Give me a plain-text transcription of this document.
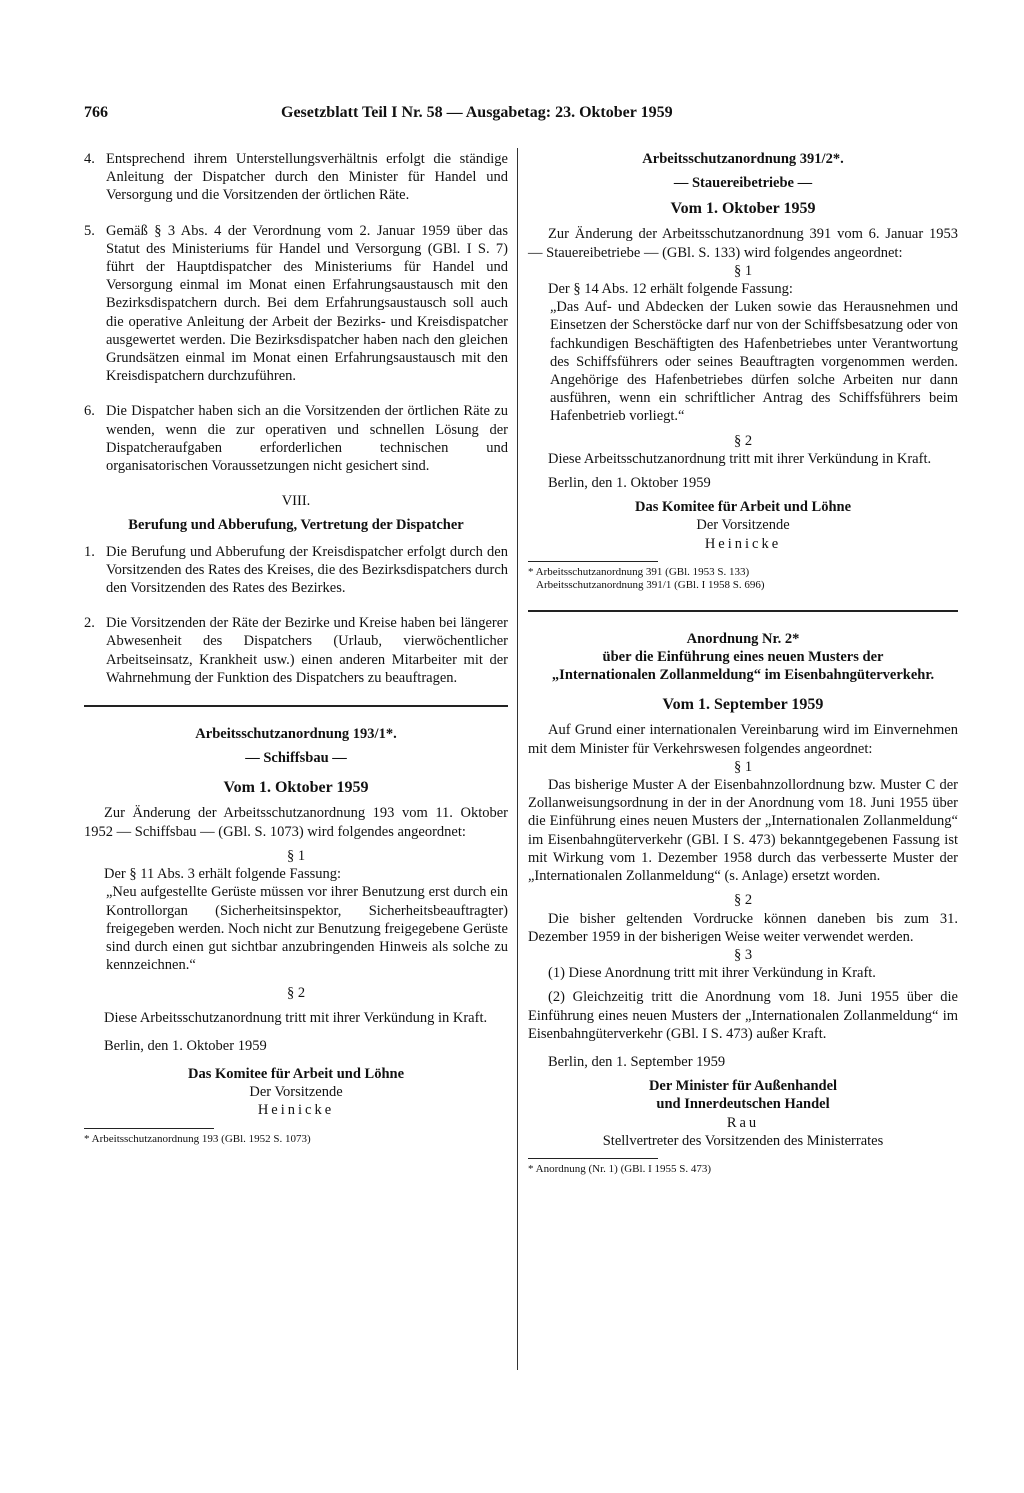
766	Gesetzblatt Teil I Nr. 58 — Ausgabetag: 23. Oktober 1959
4. Entsprechend ihrem Unterstellungsverhältnis erfolgt die ständige Anleitung der Dispatcher durch den Minister für Handel und Versorgung und die Vorsitzenden der örtlichen Räte.
5. Gemäß § 3 Abs. 4 der Verordnung vom 2. Januar 1959 über das Statut des Ministeriums für Handel und Versorgung (GBl. I S. 7) führt der Hauptdispatcher des Ministeriums für Handel und Versorgung einmal im Monat einen Erfahrungsaustausch mit den Bezirksdispatchern durch. Bei dem Erfahrungsaustausch soll auch die operative Anleitung der Arbeit der Bezirks- und Kreisdispatcher ausgewertet werden. Die Bezirksdispatcher haben nach den gleichen Grundsätzen einmal im Monat einen Erfahrungsaustausch mit den Kreisdispatchern durchzuführen.
6. Die Dispatcher haben sich an die Vorsitzenden der örtlichen Räte zu wenden, wenn die zur operativen und schnellen Lösung der Dispatcheraufgaben erforderlichen technischen und organisatorischen Voraussetzungen nicht gesichert sind.

VIII.

Berufung und Abberufung, Vertretung der Dispatcher

1. Die Berufung und Abberufung der Kreisdispatcher erfolgt durch den Vorsitzenden des Rates des Kreises, die des Bezirksdispatchers durch den Vorsitzenden des Rates des Bezirkes.
2. Die Vorsitzenden der Räte der Bezirke und Kreise haben bei längerer Abwesenheit des Dispatchers (Urlaub, vierwöchentlicher Arbeitseinsatz, Krankheit usw.) einen anderen Mitarbeiter mit der Wahrnehmung der Funktion des Dispatchers zu beauftragen.

Arbeitsschutzanordnung 193/1*.

— Schiffsbau —

Vom 1. Oktober 1959

Zur Änderung der Arbeitsschutzanordnung 193 vom 11. Oktober 1952 — Schiffsbau — (GBl. S. 1073) wird folgendes angeordnet:

§ 1

Der § 11 Abs. 3 erhält folgende Fassung:

„Neu aufgestellte Gerüste müssen vor ihrer Benutzung erst durch ein Kontrollorgan (Sicherheitsinspektor, Sicherheitsbeauftragter) freigegeben werden. Noch nicht zur Benutzung freigegebene Gerüste sind durch einen gut sichtbar anzubringenden Hinweis als solche zu kennzeichnen.“

§ 2

Diese Arbeitsschutzanordnung tritt mit ihrer Verkündung in Kraft.

Berlin, den 1. Oktober 1959

Das Komitee für Arbeit und Löhne

Der Vorsitzende

Heinicke

* Arbeitsschutzanordnung 193 (GBl. 1952 S. 1073)

Arbeitsschutzanordnung 391/2*.

— Stauereibetriebe —

Vom 1. Oktober 1959

Zur Änderung der Arbeitsschutzanordnung 391 vom 6. Januar 1953 — Stauereibetriebe — (GBl. S. 133) wird folgendes angeordnet:

§ 1

Der § 14 Abs. 12 erhält folgende Fassung:

„Das Auf- und Abdecken der Luken sowie das Herausnehmen und Einsetzen der Scherstöcke darf nur von der Schiffsbesatzung oder von fachkundigen Beschäftigten des Hafenbetriebes unter Verantwortung des Schiffsführers oder seines Beauftragten vorgenommen werden. Angehörige des Hafenbetriebes dürfen solche Arbeiten nur dann ausführen, wenn ein schriftlicher Antrag des Schiffsführers beim Hafenbetrieb vorliegt.“

§ 2

Diese Arbeitsschutzanordnung tritt mit ihrer Verkündung in Kraft.

Berlin, den 1. Oktober 1959

Das Komitee für Arbeit und Löhne

Der Vorsitzende

Heinicke

* Arbeitsschutzanordnung 391 (GBl. 1953 S. 133)

Arbeitsschutzanordnung 391/1 (GBl. I 1958 S. 696)

Anordnung Nr. 2*

über die Einführung eines neuen Musters der

„Internationalen Zollanmeldung“ im Eisenbahngüterverkehr.

Vom 1. September 1959

Auf Grund einer internationalen Vereinbarung wird im Einvernehmen mit dem Minister für Verkehrswesen folgendes angeordnet:

§ 1

Das bisherige Muster A der Eisenbahnzollordnung bzw. Muster C der Zollanweisungsordnung in der in der Anordnung vom 18. Juni 1955 über die Einführung eines neuen Musters der „Internationalen Zollanmeldung“ im Eisenbahngüterverkehr (GBl. I S. 473) bekanntgegebenen Fassung ist mit Wirkung vom 1. Dezember 1958 durch das verbesserte Muster der „Internationalen Zollanmeldung“ (s. Anlage) ersetzt worden.

§ 2

Die bisher geltenden Vordrucke können daneben bis zum 31. Dezember 1959 in der bisherigen Weise weiter verwendet werden.

§ 3

(1) Diese Anordnung tritt mit ihrer Verkündung in Kraft.

(2) Gleichzeitig tritt die Anordnung vom 18. Juni 1955 über die Einführung eines neuen Musters der „Internationalen Zollanmeldung“ im Eisenbahngüterverkehr (GBl. I S. 473) außer Kraft.

Berlin, den 1. September 1959

Der Minister für Außenhandel

und Innerdeutschen Handel

Rau

Stellvertreter des Vorsitzenden des Ministerrates

* Anordnung (Nr. 1) (GBl. I 1955 S. 473)
